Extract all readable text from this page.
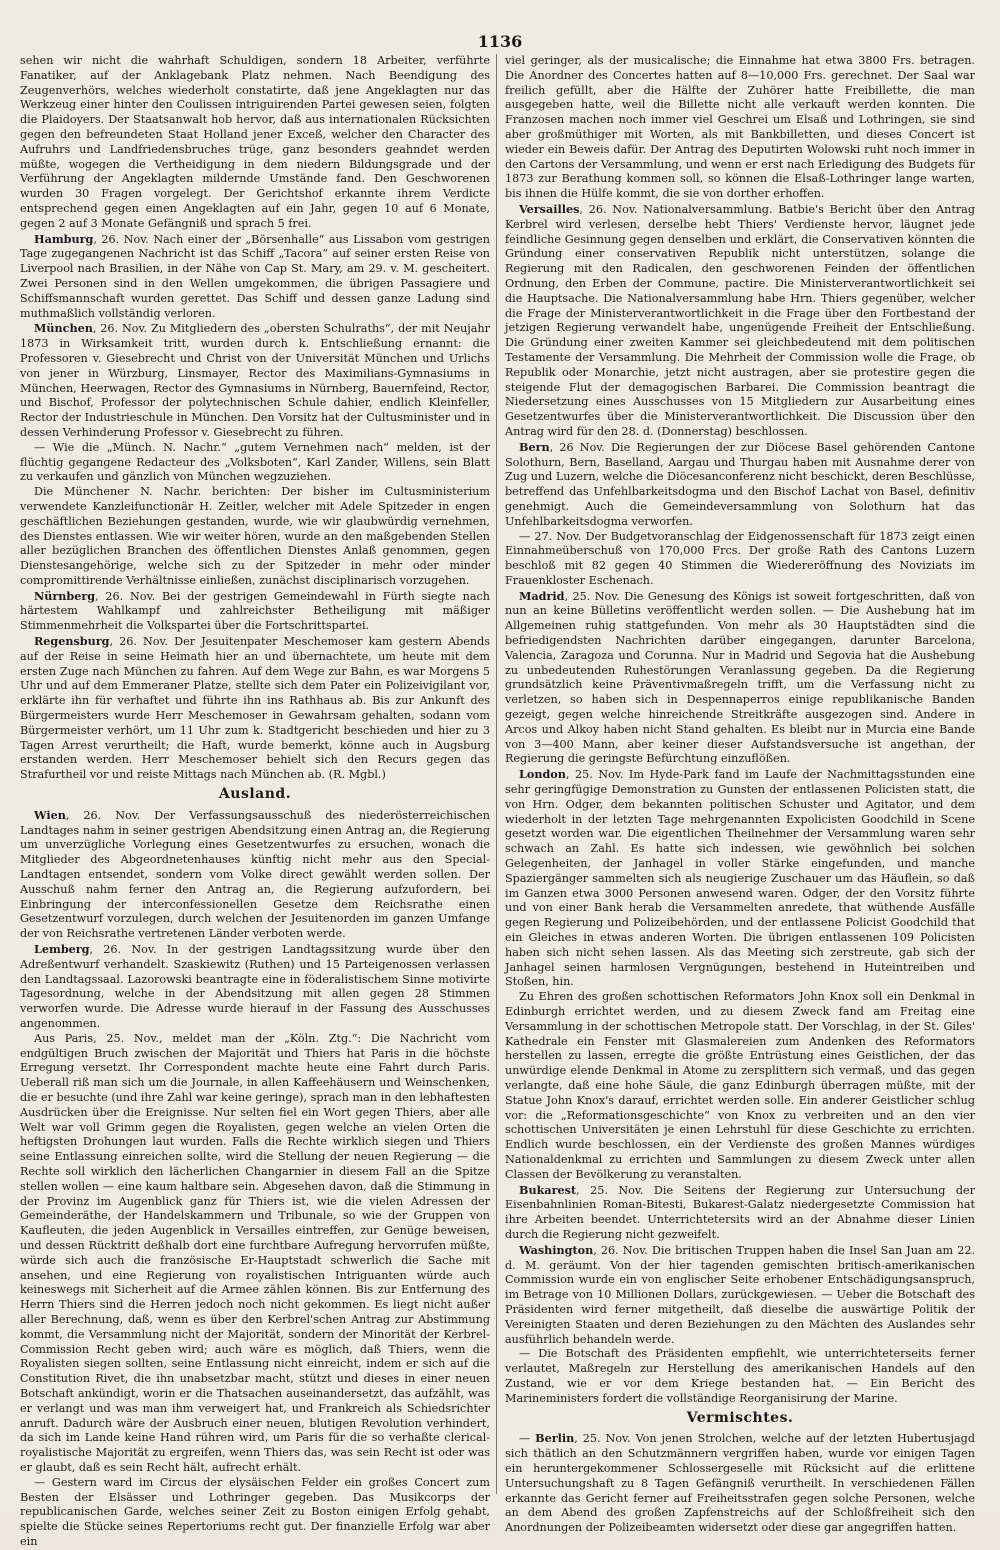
1136

sehen wir nicht die wahrhaft Schuldigen, sondern 18 Arbeiter, verführte Fanatiker, auf der Anklagebank Platz nehmen. Nach Beendigung des Zeugenverhörs, welches wiederholt constatirte, daß jene Angeklagten nur das Werkzeug einer hinter den Coulissen intriguirenden Partei gewesen seien, folgten die Plaidoyers. Der Staatsanwalt hob hervor, daß aus internationalen Rücksichten gegen den befreundeten Staat Holland jener Exceß, welcher den Character des Aufruhrs und Landfriedensbruches trüge, ganz besonders geahndet werden müßte, wogegen die Vertheidigung in dem niedern Bildungsgrade und der Verführung der Angeklagten mildernde Umstände fand. Den Geschworenen wurden 30 Fragen vorgelegt. Der Gerichtshof erkannte ihrem Verdicte entsprechend gegen einen Angeklagten auf ein Jahr, gegen 10 auf 6 Monate, gegen 2 auf 3 Monate Gefängniß und sprach 5 frei.

Hamburg, 26. Nov. Nach einer der „Börsenhalle“ aus Lissabon vom gestrigen Tage zugegangenen Nachricht ist das Schiff „Tacora“ auf seiner ersten Reise von Liverpool nach Brasilien, in der Nähe von Cap St. Mary, am 29. v. M. gescheitert. Zwei Personen sind in den Wellen umgekommen, die übrigen Passagiere und Schiffsmannschaft wurden gerettet. Das Schiff und dessen ganze Ladung sind muthmaßlich vollständig verloren.

München, 26. Nov. Zu Mitgliedern des „obersten Schulraths“, der mit Neujahr 1873 in Wirksamkeit tritt, wurden durch k. Entschließung ernannt: die Professoren v. Giesebrecht und Christ von der Universität München und Urlichs von jener in Würzburg, Linsmayer, Rector des Maximilians-Gymnasiums in München, Heerwagen, Rector des Gymnasiums in Nürnberg, Bauernfeind, Rector, und Bischof, Professor der polytechnischen Schule dahier, endlich Kleinfeller, Rector der Industrieschule in München. Den Vorsitz hat der Cultusminister und in dessen Verhinderung Professor v. Giesebrecht zu führen.

— Wie die „Münch. N. Nachr.“ „gutem Vernehmen nach“ melden, ist der flüchtig gegangene Redacteur des „Volksboten“, Karl Zander, Willens, sein Blatt zu verkaufen und gänzlich von München wegzuziehen.

Die Münchener N. Nachr. berichten: Der bisher im Cultusministerium verwendete Kanzleifunctionär H. Zeitler, welcher mit Adele Spitzeder in engen geschäftlichen Beziehungen gestanden, wurde, wie wir glaubwürdig vernehmen, des Dienstes entlassen. Wie wir weiter hören, wurde an den maßgebenden Stellen aller bezüglichen Branchen des öffentlichen Dienstes Anlaß genommen, gegen Dienstesangehörige, welche sich zu der Spitzeder in mehr oder minder compromittirende Verhältnisse einließen, zunächst disciplinarisch vorzugehen.

Nürnberg, 26. Nov. Bei der gestrigen Gemeindewahl in Fürth siegte nach härtestem Wahlkampf und zahlreichster Betheiligung mit mäßiger Stimmenmehrheit die Volkspartei über die Fortschrittspartei.

Regensburg, 26. Nov. Der Jesuitenpater Meschemoser kam gestern Abends auf der Reise in seine Heimath hier an und übernachtete, um heute mit dem ersten Zuge nach München zu fahren. Auf dem Wege zur Bahn, es war Morgens 5 Uhr und auf dem Emmeraner Platze, stellte sich dem Pater ein Polizeivigilant vor, erklärte ihn für verhaftet und führte ihn ins Rathhaus ab. Bis zur Ankunft des Bürgermeisters wurde Herr Meschemoser in Gewahrsam gehalten, sodann vom Bürgermeister verhört, um 11 Uhr zum k. Stadtgericht beschieden und hier zu 3 Tagen Arrest verurtheilt; die Haft, wurde bemerkt, könne auch in Augsburg erstanden werden. Herr Meschemoser behielt sich den Recurs gegen das Strafurtheil vor und reiste Mittags nach München ab. (R. Mgbl.)

Ausland.

Wien, 26. Nov. Der Verfassungsausschuß des niederösterreichischen Landtages nahm in seiner gestrigen Abendsitzung einen Antrag an, die Regierung um unverzügliche Vorlegung eines Gesetzentwurfes zu ersuchen, wonach die Mitglieder des Abgeordnetenhauses künftig nicht mehr aus den Special-Landtagen entsendet, sondern vom Volke direct gewählt werden sollen. Der Ausschuß nahm ferner den Antrag an, die Regierung aufzufordern, bei Einbringung der interconfessionellen Gesetze dem Reichsrathe einen Gesetzentwurf vorzulegen, durch welchen der Jesuitenorden im ganzen Umfange der von Reichsrathe vertretenen Länder verboten werde.

Lemberg, 26. Nov. In der gestrigen Landtagssitzung wurde über den Adreßentwurf verhandelt. Szaskiewitz (Ruthen) und 15 Parteigenossen verlassen den Landtagssaal. Lazorowski beantragte eine in föderalistischem Sinne motivirte Tagesordnung, welche in der Abendsitzung mit allen gegen 28 Stimmen verworfen wurde. Die Adresse wurde hierauf in der Fassung des Ausschusses angenommen.

Aus Paris, 25. Nov., meldet man der „Köln. Ztg.“: Die Nachricht vom endgültigen Bruch zwischen der Majorität und Thiers hat Paris in die höchste Erregung versetzt. Ihr Correspondent machte heute eine Fahrt durch Paris. Ueberall riß man sich um die Journale, in allen Kaffeehäusern und Weinschenken, die er besuchte (und ihre Zahl war keine geringe), sprach man in den lebhaftesten Ausdrücken über die Ereignisse. Nur selten fiel ein Wort gegen Thiers, aber alle Welt war voll Grimm gegen die Royalisten, gegen welche an vielen Orten die heftigsten Drohungen laut wurden. Falls die Rechte wirklich siegen und Thiers seine Entlassung einreichen sollte, wird die Stellung der neuen Regierung — die Rechte soll wirklich den lächerlichen Changarnier in diesem Fall an die Spitze stellen wollen — eine kaum haltbare sein. Abgesehen davon, daß die Stimmung in der Provinz im Augenblick ganz für Thiers ist, wie die vielen Adressen der Gemeinderäthe, der Handelskammern und Tribunale, so wie der Gruppen von Kaufleuten, die jeden Augenblick in Versailles eintreffen, zur Genüge beweisen, und dessen Rücktritt deßhalb dort eine furchtbare Aufregung hervorrufen müßte, würde sich auch die französische Er-Hauptstadt schwerlich die Sache mit ansehen, und eine Regierung von royalistischen Intriguanten würde auch keineswegs mit Sicherheit auf die Armee zählen können. Bis zur Entfernung des Herrn Thiers sind die Herren jedoch noch nicht gekommen. Es liegt nicht außer aller Berechnung, daß, wenn es über den Kerbrel'schen Antrag zur Abstimmung kommt, die Versammlung nicht der Majorität, sondern der Minorität der Kerbrel-Commission Recht geben wird; auch wäre es möglich, daß Thiers, wenn die Royalisten siegen sollten, seine Entlassung nicht einreicht, indem er sich auf die Constitution Rivet, die ihn unabsetzbar macht, stützt und dieses in einer neuen Botschaft ankündigt, worin er die Thatsachen auseinandersetzt, das aufzählt, was er verlangt und was man ihm verweigert hat, und Frankreich als Schiedsrichter anruft. Dadurch wäre der Ausbruch einer neuen, blutigen Revolution verhindert, da sich im Lande keine Hand rühren wird, um Paris für die so verhaßte clerical-royalistische Majorität zu ergreifen, wenn Thiers das, was sein Recht ist oder was er glaubt, daß es sein Recht hält, aufrecht erhält.

— Gestern ward im Circus der elysäischen Felder ein großes Concert zum Besten der Elsässer und Lothringer gegeben. Das Musikcorps der republicanischen Garde, welches seiner Zeit zu Boston einigen Erfolg gehabt, spielte die Stücke seines Repertoriums recht gut. Der finanzielle Erfolg war aber ein

viel geringer, als der musicalische; die Einnahme hat etwa 3800 Frs. betragen. Die Anordner des Concertes hatten auf 8—10,000 Frs. gerechnet. Der Saal war freilich gefüllt, aber die Hälfte der Zuhörer hatte Freibillette, die man ausgegeben hatte, weil die Billette nicht alle verkauft werden konnten. Die Franzosen machen noch immer viel Geschrei um Elsaß und Lothringen, sie sind aber großmüthiger mit Worten, als mit Bankbilletten, und dieses Concert ist wieder ein Beweis dafür. Der Antrag des Deputirten Wolowski ruht noch immer in den Cartons der Versammlung, und wenn er erst nach Erledigung des Budgets für 1873 zur Berathung kommen soll, so können die Elsaß-Lothringer lange warten, bis ihnen die Hülfe kommt, die sie von dorther erhoffen.

Versailles, 26. Nov. Nationalversammlung. Batbie's Bericht über den Antrag Kerbrel wird verlesen, derselbe hebt Thiers' Verdienste hervor, läugnet jede feindliche Gesinnung gegen denselben und erklärt, die Conservativen könnten die Gründung einer conservativen Republik nicht unterstützen, solange die Regierung mit den Radicalen, den geschworenen Feinden der öffentlichen Ordnung, den Erben der Commune, pactire. Die Ministerverantwortlichkeit sei die Hauptsache. Die Nationalversammlung habe Hrn. Thiers gegenüber, welcher die Frage der Ministerverantwortlichkeit in die Frage über den Fortbestand der jetzigen Regierung verwandelt habe, ungenügende Freiheit der Entschließung. Die Gründung einer zweiten Kammer sei gleichbedeutend mit dem politischen Testamente der Versammlung. Die Mehrheit der Commission wolle die Frage, ob Republik oder Monarchie, jetzt nicht austragen, aber sie protestire gegen die steigende Flut der demagogischen Barbarei. Die Commission beantragt die Niedersetzung eines Ausschusses von 15 Mitgliedern zur Ausarbeitung eines Gesetzentwurfes über die Ministerverantwortlichkeit. Die Discussion über den Antrag wird für den 28. d. (Donnerstag) beschlossen.

Bern, 26 Nov. Die Regierungen der zur Diöcese Basel gehörenden Cantone Solothurn, Bern, Baselland, Aargau und Thurgau haben mit Ausnahme derer von Zug und Luzern, welche die Diöcesanconferenz nicht beschickt, deren Beschlüsse, betreffend das Unfehlbarkeitsdogma und den Bischof Lachat von Basel, definitiv genehmigt. Auch die Gemeindeversammlung von Solothurn hat das Unfehlbarkeitsdogma verworfen.

— 27. Nov. Der Budgetvoranschlag der Eidgenossenschaft für 1873 zeigt einen Einnahmeüberschuß von 170,000 Frcs. Der große Rath des Cantons Luzern beschloß mit 82 gegen 40 Stimmen die Wiedereröffnung des Noviziats im Frauenkloster Eschenach.

Madrid, 25. Nov. Die Genesung des Königs ist soweit fortgeschritten, daß von nun an keine Bülletins veröffentlicht werden sollen. — Die Aushebung hat im Allgemeinen ruhig stattgefunden. Von mehr als 30 Hauptstädten sind die befriedigendsten Nachrichten darüber eingegangen, darunter Barcelona, Valencia, Zaragoza und Corunna. Nur in Madrid und Segovia hat die Aushebung zu unbedeutenden Ruhestörungen Veranlassung gegeben. Da die Regierung grundsätzlich keine Präventivmaßregeln trifft, um die Verfassung nicht zu verletzen, so haben sich in Despennaperros einige republikanische Banden gezeigt, gegen welche hinreichende Streitkräfte ausgezogen sind. Andere in Arcos und Alkoy haben nicht Stand gehalten. Es bleibt nur in Murcia eine Bande von 3—400 Mann, aber keiner dieser Aufstandsversuche ist angethan, der Regierung die geringste Befürchtung einzuflößen.

London, 25. Nov. Im Hyde-Park fand im Laufe der Nachmittagsstunden eine sehr geringfügige Demonstration zu Gunsten der entlassenen Policisten statt, die von Hrn. Odger, dem bekannten politischen Schuster und Agitator, und dem wiederholt in der letzten Tage mehrgenannten Expolicisten Goodchild in Scene gesetzt worden war. Die eigentlichen Theilnehmer der Versammlung waren sehr schwach an Zahl. Es hatte sich indessen, wie gewöhnlich bei solchen Gelegenheiten, der Janhagel in voller Stärke eingefunden, und manche Spaziergänger sammelten sich als neugierige Zuschauer um das Häuflein, so daß im Ganzen etwa 3000 Personen anwesend waren. Odger, der den Vorsitz führte und von einer Bank herab die Versammelten anredete, that wüthende Ausfälle gegen Regierung und Polizeibehörden, und der entlassene Policist Goodchild that ein Gleiches in etwas anderen Worten. Die übrigen entlassenen 109 Policisten haben sich nicht sehen lassen. Als das Meeting sich zerstreute, gab sich der Janhagel seinen harmlosen Vergnügungen, bestehend in Huteintreiben und Stoßen, hin.

Zu Ehren des großen schottischen Reformators John Knox soll ein Denkmal in Edinburgh errichtet werden, und zu diesem Zweck fand am Freitag eine Versammlung in der schottischen Metropole statt. Der Vorschlag, in der St. Giles' Kathedrale ein Fenster mit Glasmalereien zum Andenken des Reformators herstellen zu lassen, erregte die größte Entrüstung eines Geistlichen, der das unwürdige elende Denkmal in Atome zu zersplittern sich vermaß, und das gegen verlangte, daß eine hohe Säule, die ganz Edinburgh überragen müßte, mit der Statue John Knox's darauf, errichtet werden solle. Ein anderer Geistlicher schlug vor: die „Reformationsgeschichte“ von Knox zu verbreiten und an den vier schottischen Universitäten je einen Lehrstuhl für diese Geschichte zu errichten. Endlich wurde beschlossen, ein der Verdienste des großen Mannes würdiges Nationaldenkmal zu errichten und Sammlungen zu diesem Zweck unter allen Classen der Bevölkerung zu veranstalten.

Bukarest, 25. Nov. Die Seitens der Regierung zur Untersuchung der Eisenbahnlinien Roman-Bitesti, Bukarest-Galatz niedergesetzte Commission hat ihre Arbeiten beendet. Unterrichtetersits wird an der Abnahme dieser Linien durch die Regierung nicht gezweifelt.

Washington, 26. Nov. Die britischen Truppen haben die Insel San Juan am 22. d. M. geräumt. Von der hier tagenden gemischten britisch-amerikanischen Commission wurde ein von englischer Seite erhobener Entschädigungsanspruch, im Betrage von 10 Millionen Dollars, zurückgewiesen. — Ueber die Botschaft des Präsidenten wird ferner mitgetheilt, daß dieselbe die auswärtige Politik der Vereinigten Staaten und deren Beziehungen zu den Mächten des Auslandes sehr ausführlich behandeln werde.

— Die Botschaft des Präsidenten empfiehlt, wie unterrichteterseits ferner verlautet, Maßregeln zur Herstellung des amerikanischen Handels auf den Zustand, wie er vor dem Kriege bestanden hat. — Ein Bericht des Marineministers fordert die vollständige Reorganisirung der Marine.

Vermischtes.

— Berlin, 25. Nov. Von jenen Strolchen, welche auf der letzten Hubertusjagd sich thätlich an den Schutzmännern vergriffen haben, wurde vor einigen Tagen ein heruntergekommener Schlossergeselle mit Rücksicht auf die erlittene Untersuchungshaft zu 8 Tagen Gefängniß verurtheilt. In verschiedenen Fällen erkannte das Gericht ferner auf Freiheitsstrafen gegen solche Personen, welche an dem Abend des großen Zapfenstreichs auf der Schloßfreiheit sich den Anordnungen der Polizeibeamten widersetzt oder diese gar angegriffen hatten.
